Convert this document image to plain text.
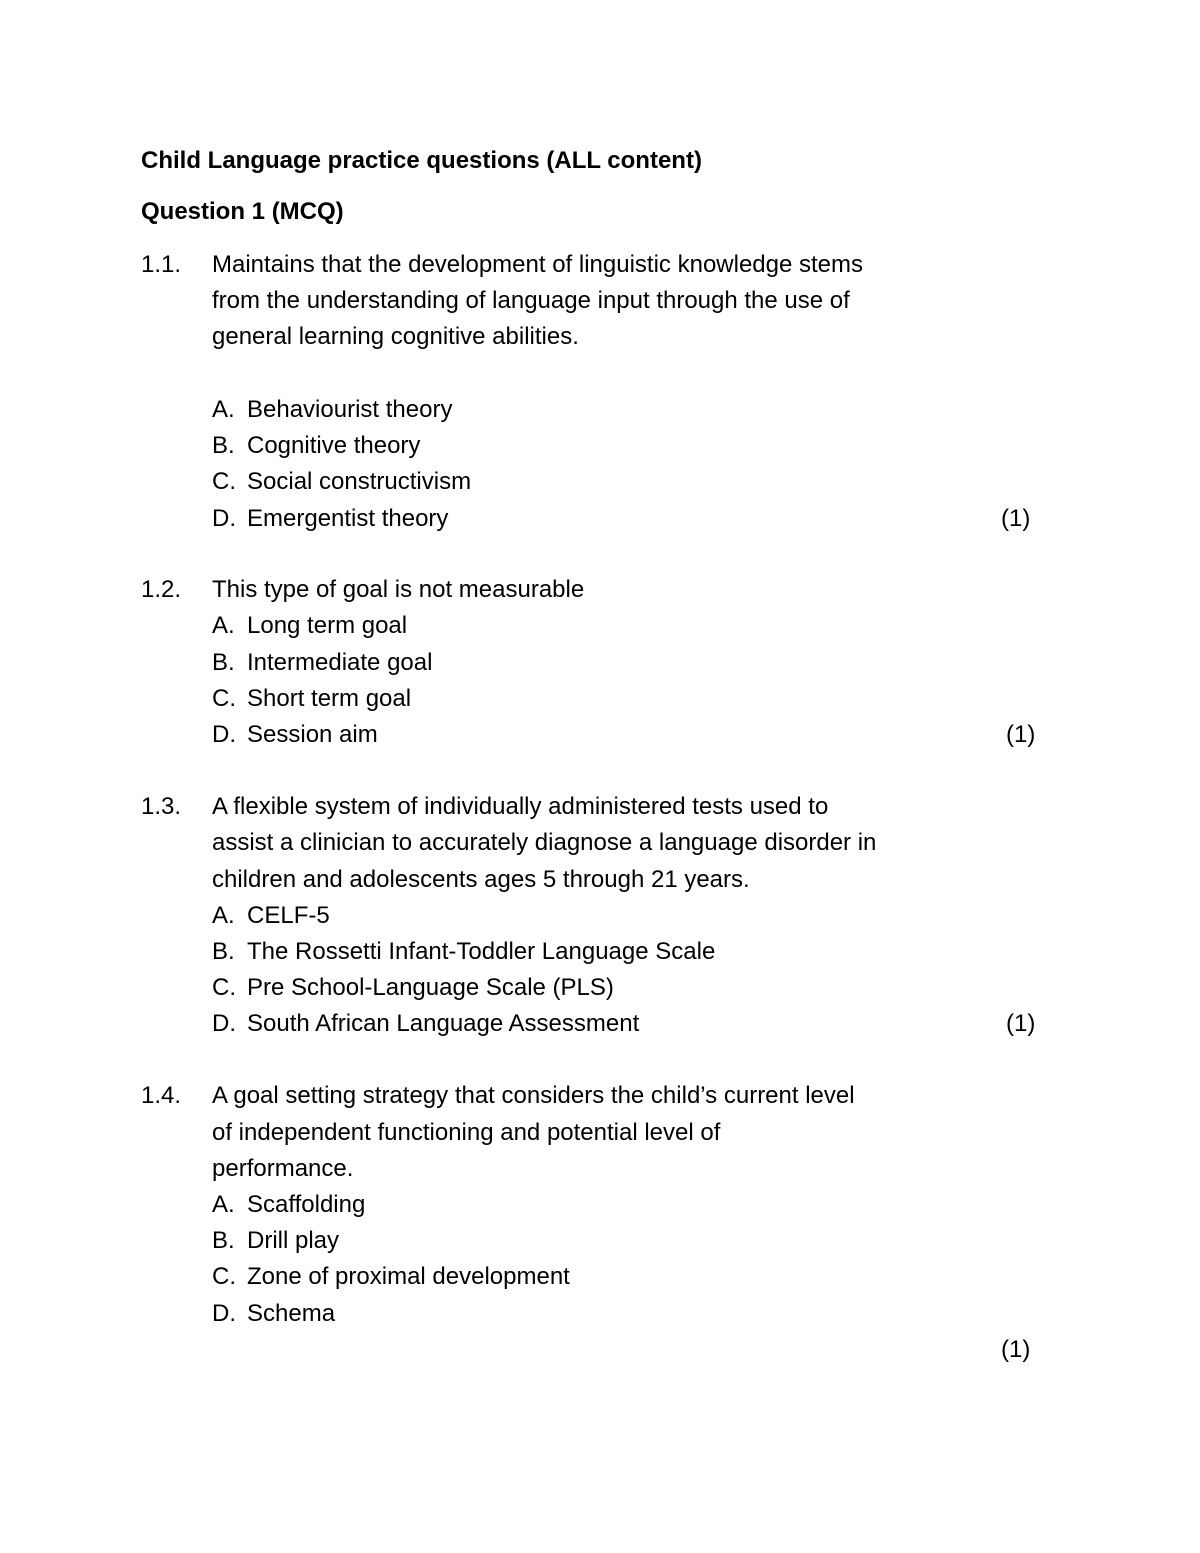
Child Language practice questions (ALL content)
Question 1 (MCQ)
1.1. Maintains that the development of linguistic knowledge stems
from the understanding of language input through the use of
general learning cognitive abilities.
A. Behaviourist theory
B. Cognitive theory
C. Social constructivism
D. Emergentist theory	(1)
1.2. This type of goal is not measurable
A. Long term goal
B. Intermediate goal
C. Short term goal
D. Session aim	(1)
1.3. A flexible system of individually administered tests used to
assist a clinician to accurately diagnose a language disorder in
children and adolescents ages 5 through 21 years.
A. CELF-5
B. The Rossetti Infant-Toddler Language Scale
C. Pre School-Language Scale (PLS)
D. South African Language Assessment	(1)
1.4. A goal setting strategy that considers the child’s current level
of independent functioning and potential level of
performance.
A. Scaffolding
B. Drill play
C. Zone of proximal development
D. Schema
(1)
